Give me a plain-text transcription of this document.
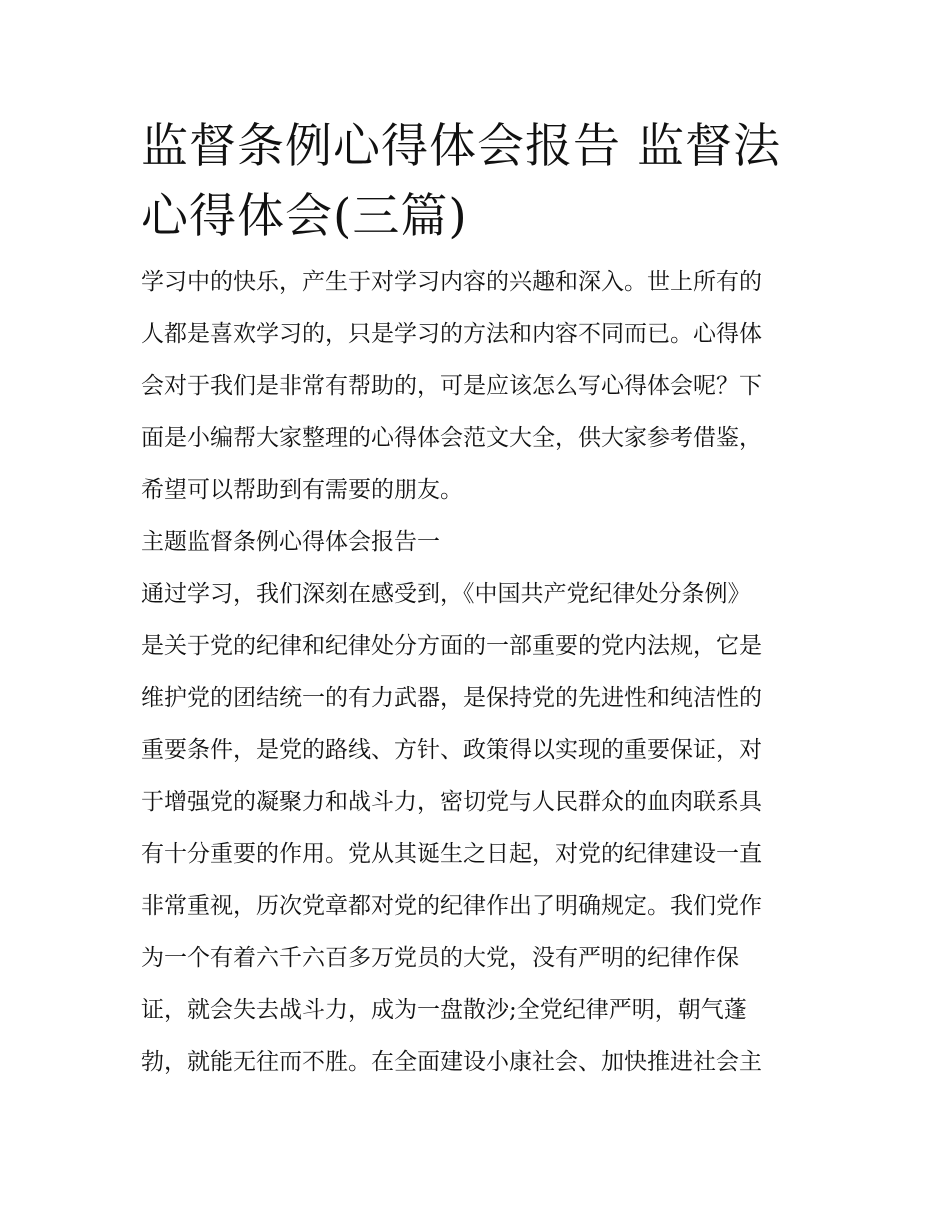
监督条例心得体会报告 监督法
心得体会(三篇)

学习中的快乐，产生于对学习内容的兴趣和深入。世上所有的
人都是喜欢学习的，只是学习的方法和内容不同而已。心得体
会对于我们是非常有帮助的，可是应该怎么写心得体会呢？下
面是小编帮大家整理的心得体会范文大全，供大家参考借鉴，
希望可以帮助到有需要的朋友。

主题监督条例心得体会报告一

通过学习，我们深刻在感受到，《中国共产党纪律处分条例》
是关于党的纪律和纪律处分方面的一部重要的党内法规，它是
维护党的团结统一的有力武器，是保持党的先进性和纯洁性的
重要条件，是党的路线、方针、政策得以实现的重要保证，对
于增强党的凝聚力和战斗力，密切党与人民群众的血肉联系具
有十分重要的作用。党从其诞生之日起，对党的纪律建设一直
非常重视，历次党章都对党的纪律作出了明确规定。我们党作
为一个有着六千六百多万党员的大党，没有严明的纪律作保
证，就会失去战斗力，成为一盘散沙;全党纪律严明，朝气蓬
勃，就能无往而不胜。在全面建设小康社会、加快推进社会主
